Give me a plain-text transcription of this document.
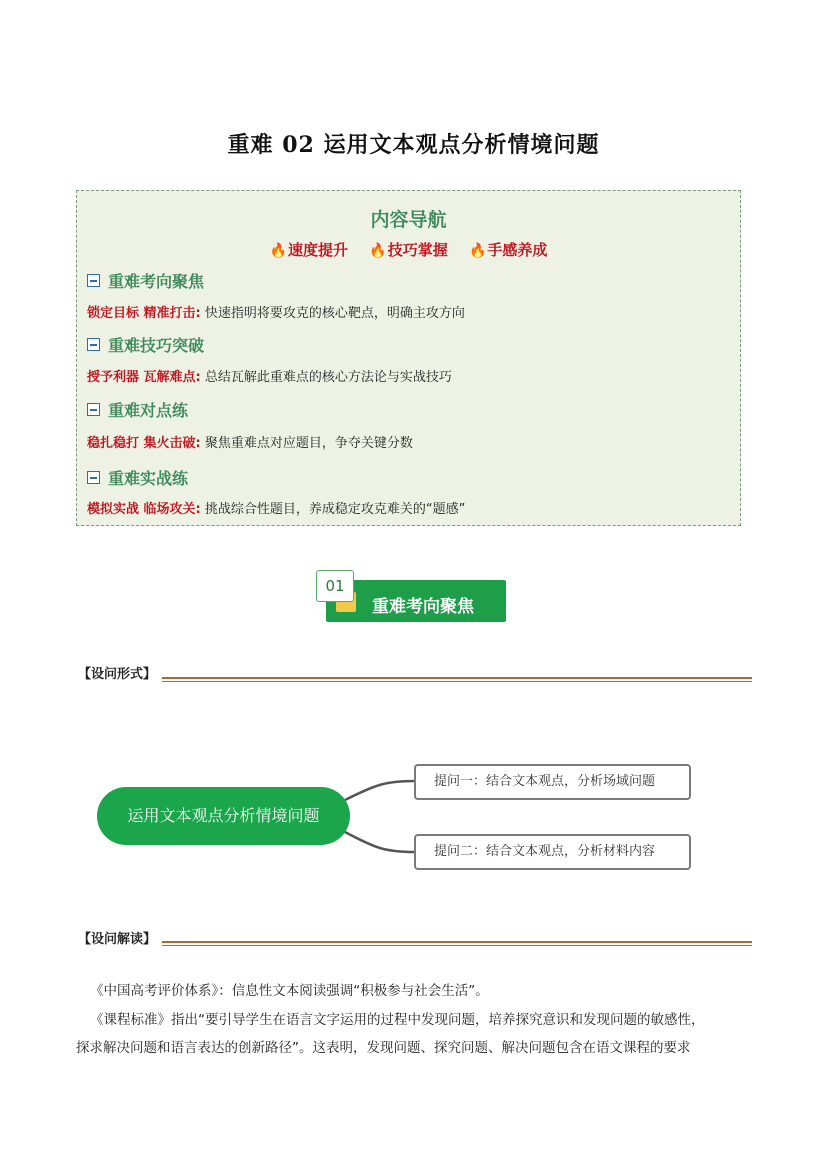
重难 02 运用文本观点分析情境问题
内容导航
🔥速度提升 🔥技巧掌握 🔥手感养成
重难考向聚焦
锁定目标 精准打击: 快速指明将要攻克的核心靶点，明确主攻方向
重难技巧突破
授予利器 瓦解难点: 总结瓦解此重难点的核心方法论与实战技巧
重难对点练
稳扎稳打 集火击破: 聚焦重难点对应题目，争夺关键分数
重难实战练
模拟实战 临场攻关: 挑战综合性题目，养成稳定攻克难关的“题感”
01
重难考向聚焦
【设问形式】
运用文本观点分析情境问题
提问一：结合文本观点，分析场域问题
提问二：结合文本观点，分析材料内容
【设问解读】
《中国高考评价体系》：信息性文本阅读强调“积极参与社会生活”。
《课程标准》指出“要引导学生在语言文字运用的过程中发现问题，培养探究意识和发现问题的敏感性，
探求解决问题和语言表达的创新路径”。这表明，发现问题、探究问题、解决问题包含在语文课程的要求
